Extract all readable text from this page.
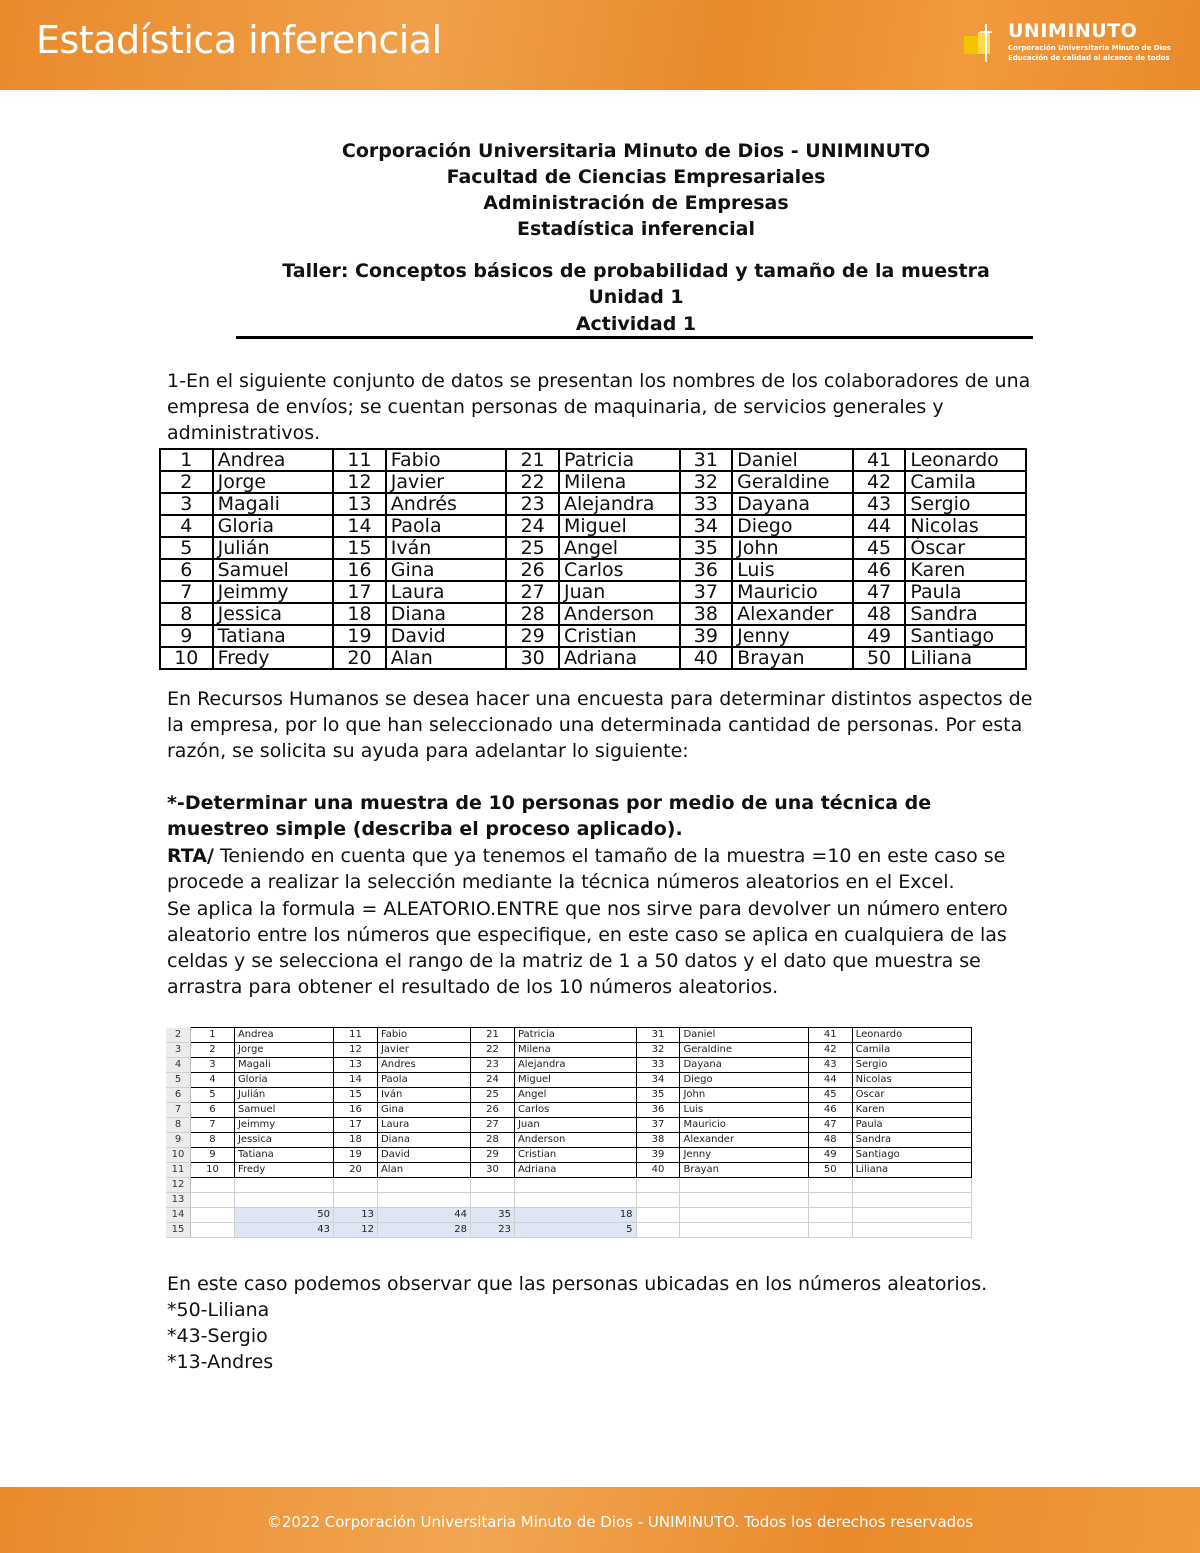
Estadística inferencial	UNIMINUTO
Corporación Universitaria Minuto de Dios
Educación de calidad al alcance de todos
Corporación Universitaria Minuto de Dios - UNIMINUTO
Facultad de Ciencias Empresariales
Administración de Empresas
Estadística inferencial
Taller: Conceptos básicos de probabilidad y tamaño de la muestra
Unidad 1
Actividad 1
1-En el siguiente conjunto de datos se presentan los nombres de los colaboradores de una empresa de envíos; se cuentan personas de maquinaria, de servicios generales y administrativos.
1	Andrea	11	Fabio	21	Patricia	31	Daniel	41	Leonardo
2	Jorge	12	Javier	22	Milena	32	Geraldine	42	Camila
3	Magali	13	Andrés	23	Alejandra	33	Dayana	43	Sergio
4	Gloria	14	Paola	24	Miguel	34	Diego	44	Nicolas
5	Julián	15	Iván	25	Angel	35	John	45	Óscar
6	Samuel	16	Gina	26	Carlos	36	Luis	46	Karen
7	Jeimmy	17	Laura	27	Juan	37	Mauricio	47	Paula
8	Jessica	18	Diana	28	Anderson	38	Alexander	48	Sandra
9	Tatiana	19	David	29	Cristian	39	Jenny	49	Santiago
10	Fredy	20	Alan	30	Adriana	40	Brayan	50	Liliana
En Recursos Humanos se desea hacer una encuesta para determinar distintos aspectos de la empresa, por lo que han seleccionado una determinada cantidad de personas. Por esta razón, se solicita su ayuda para adelantar lo siguiente:
*-Determinar una muestra de 10 personas por medio de una técnica de muestreo simple (describa el proceso aplicado).
RTA/ Teniendo en cuenta que ya tenemos el tamaño de la muestra =10 en este caso se procede a realizar la selección mediante la técnica números aleatorios en el Excel.
Se aplica la formula = ALEATORIO.ENTRE que nos sirve para devolver un número entero aleatorio entre los números que especifique, en este caso se aplica en cualquiera de las celdas y se selecciona el rango de la matriz de 1 a 50 datos y el dato que muestra se arrastra para obtener el resultado de los 10 números aleatorios.
2	1	Andrea	11	Fabio	21	Patricia	31	Daniel	41	Leonardo
3	2	Jorge	12	Javier	22	Milena	32	Geraldine	42	Camila
4	3	Magali	13	Andres	23	Alejandra	33	Dayana	43	Sergio
5	4	Gloria	14	Paola	24	Miguel	34	Diego	44	Nicolas
6	5	Julián	15	Iván	25	Angel	35	John	45	Oscar
7	6	Samuel	16	Gina	26	Carlos	36	Luis	46	Karen
8	7	Jeimmy	17	Laura	27	Juan	37	Mauricio	47	Paula
9	8	Jessica	18	Diana	28	Anderson	38	Alexander	48	Sandra
10	9	Tatiana	19	David	29	Cristian	39	Jenny	49	Santiago
11	10	Fredy	20	Alan	30	Adriana	40	Brayan	50	Liliana
12										
13										
14		50	13	44	35	18				
15		43	12	28	23	5				
En este caso podemos observar que las personas ubicadas en los números aleatorios.
*50-Liliana
*43-Sergio
*13-Andres
©2022 Corporación Universitaria Minuto de Dios - UNIMINUTO. Todos los derechos reservados
